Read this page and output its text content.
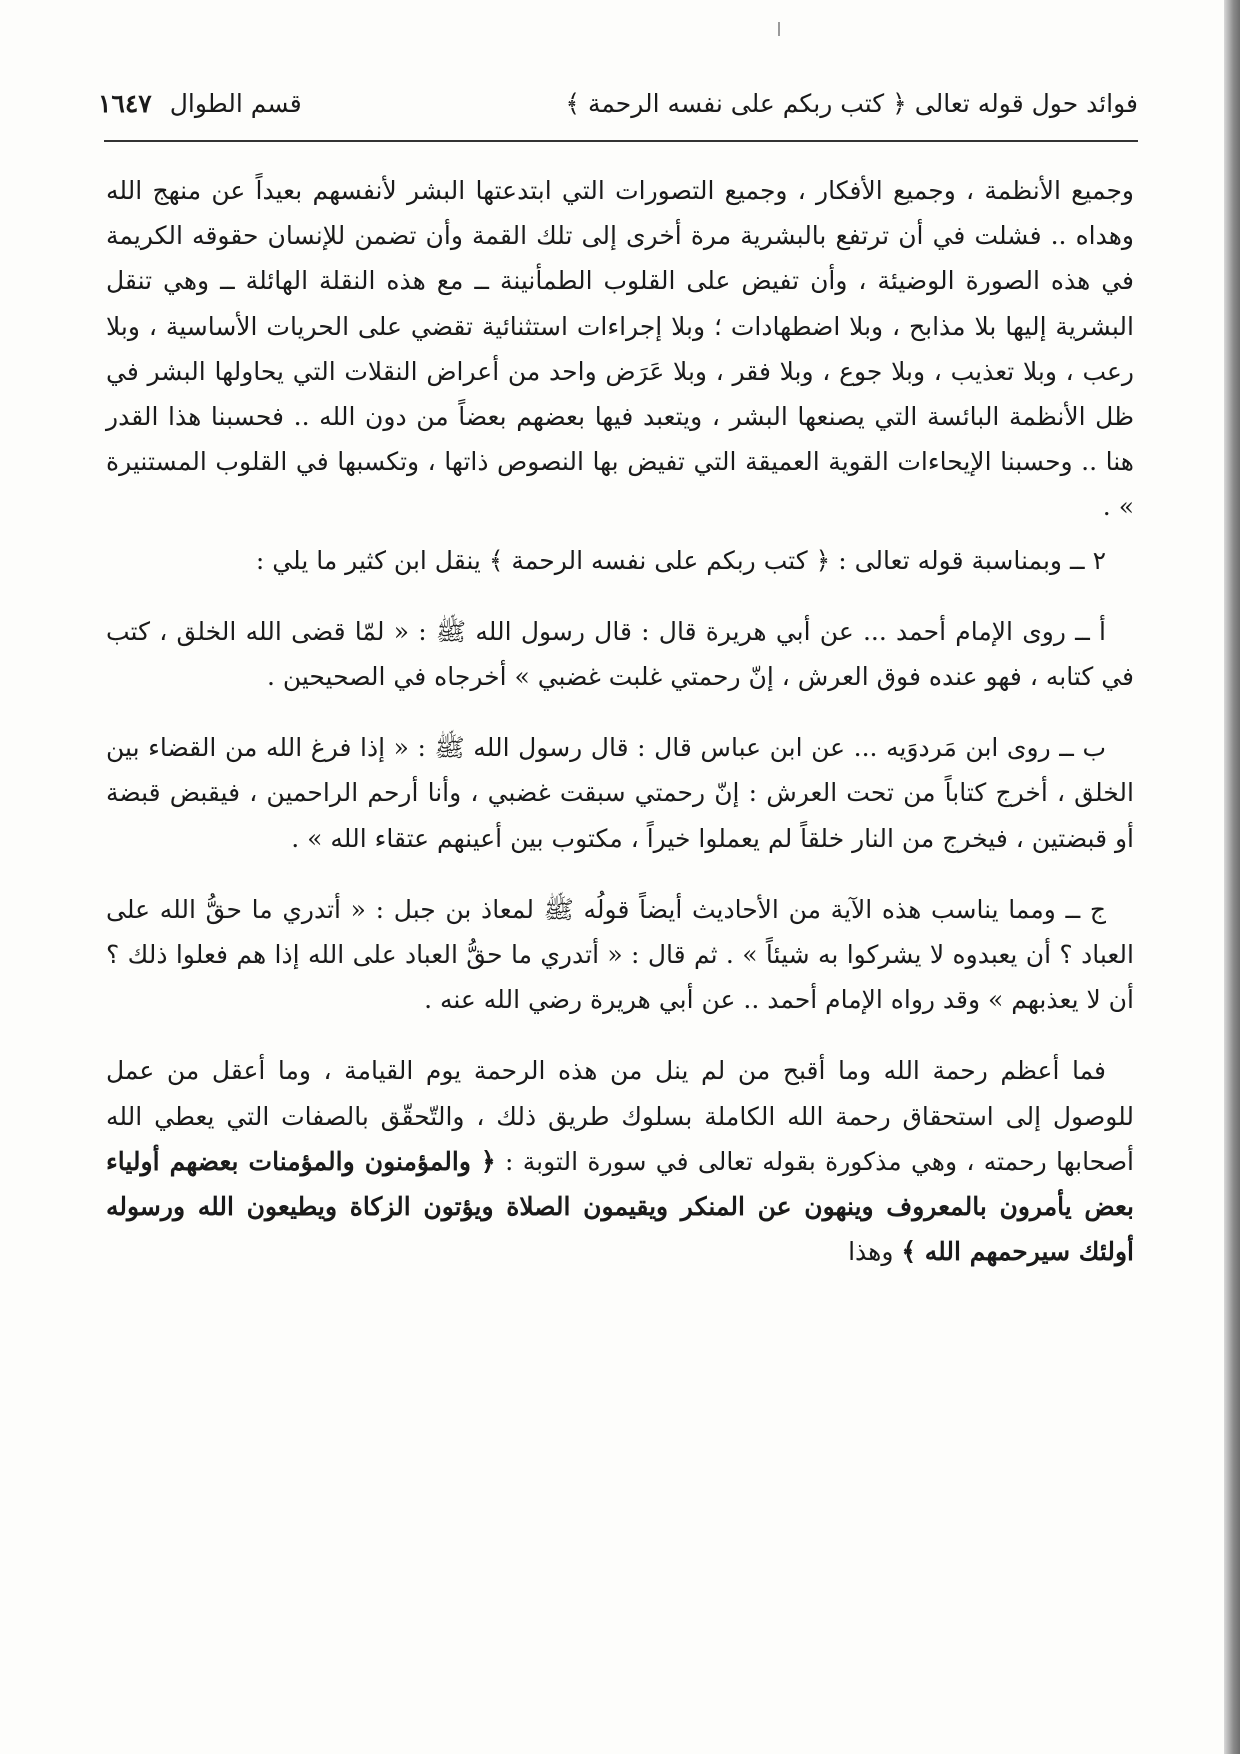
فوائد حول قوله تعالى ﴿ كتب ربكم على نفسه الرحمة ﴾
قسم الطوال١٦٤٧

وجميع الأنظمة ، وجميع الأفكار ، وجميع التصورات التي ابتدعتها البشر لأنفسهم بعيداً عن منهج الله وهداه .. فشلت في أن ترتفع بالبشرية مرة أخرى إلى تلك القمة وأن تضمن للإنسان حقوقه الكريمة في هذه الصورة الوضيئة ، وأن تفيض على القلوب الطمأنينة ــ مع هذه النقلة الهائلة ــ وهي تنقل البشرية إليها بلا مذابح ، وبلا اضطهادات ؛ وبلا إجراءات استثنائية تقضي على الحريات الأساسية ، وبلا رعب ، وبلا تعذيب ، وبلا جوع ، وبلا فقر ، وبلا عَرَض واحد من أعراض النقلات التي يحاولها البشر في ظل الأنظمة البائسة التي يصنعها البشر ، ويتعبد فيها بعضهم بعضاً من دون الله .. فحسبنا هذا القدر هنا .. وحسبنا الإيحاءات القوية العميقة التي تفيض بها النصوص ذاتها ، وتكسبها في القلوب المستنيرة » .

٢ ــ وبمناسبة قوله تعالى : ﴿ كتب ربكم على نفسه الرحمة ﴾ ينقل ابن كثير ما يلي :

أ ــ روى الإمام أحمد ... عن أبي هريرة قال : قال رسول الله ﷺ : « لمّا قضى الله الخلق ، كتب في كتابه ، فهو عنده فوق العرش ، إنّ رحمتي غلبت غضبي » أخرجاه في الصحيحين .

ب ــ روى ابن مَردوَيه ... عن ابن عباس قال : قال رسول الله ﷺ : « إذا فرغ الله من القضاء بين الخلق ، أخرج كتاباً من تحت العرش : إنّ رحمتي سبقت غضبي ، وأنا أرحم الراحمين ، فيقبض قبضة أو قبضتين ، فيخرج من النار خلقاً لم يعملوا خيراً ، مكتوب بين أعينهم عتقاء الله » .

ج ــ ومما يناسب هذه الآية من الأحاديث أيضاً قولُه ﷺ لمعاذ بن جبل : « أتدري ما حقُّ الله على العباد ؟ أن يعبدوه لا يشركوا به شيئاً » . ثم قال : « أتدري ما حقُّ العباد على الله إذا هم فعلوا ذلك ؟ أن لا يعذبهم » وقد رواه الإمام أحمد .. عن أبي هريرة رضي الله عنه .

فما أعظم رحمة الله وما أقبح من لم ينل من هذه الرحمة يوم القيامة ، وما أعقل من عمل للوصول إلى استحقاق رحمة الله الكاملة بسلوك طريق ذلك ، والتّحقّق بالصفات التي يعطي الله أصحابها رحمته ، وهي مذكورة بقوله تعالى في سورة التوبة : ﴿ والمؤمنون والمؤمنات بعضهم أولياء بعض يأمرون بالمعروف وينهون عن المنكر ويقيمون الصلاة ويؤتون الزكاة ويطيعون الله ورسوله أولئك سيرحمهم الله ﴾ وهذا
